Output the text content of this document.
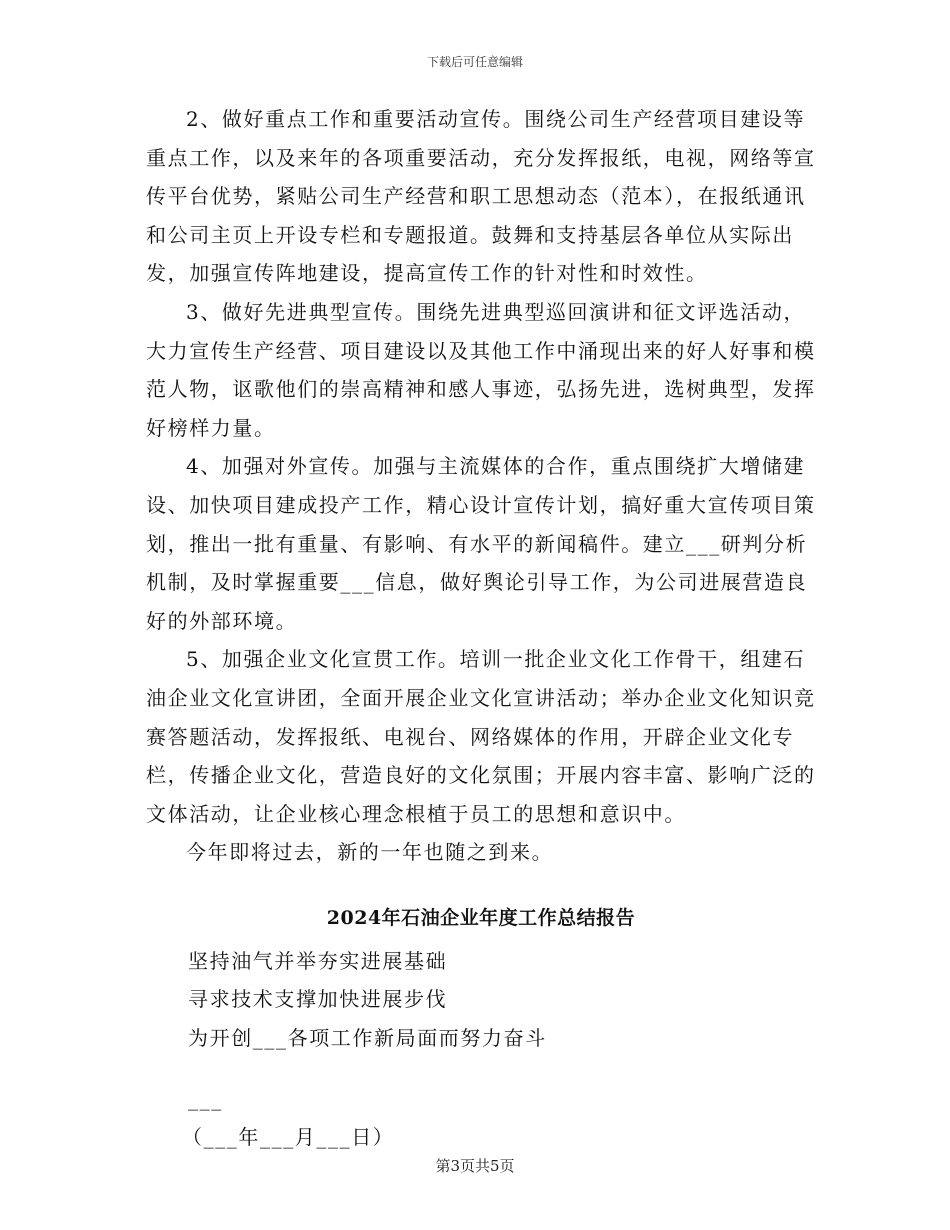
下载后可任意编辑

2、做好重点工作和重要活动宣传。围绕公司生产经营项目建设等重点工作，以及来年的各项重要活动，充分发挥报纸，电视，网络等宣传平台优势，紧贴公司生产经营和职工思想动态（范本），在报纸通讯和公司主页上开设专栏和专题报道。鼓舞和支持基层各单位从实际出发，加强宣传阵地建设，提高宣传工作的针对性和时效性。

3、做好先进典型宣传。围绕先进典型巡回演讲和征文评选活动，大力宣传生产经营、项目建设以及其他工作中涌现出来的好人好事和模范人物，讴歌他们的崇高精神和感人事迹，弘扬先进，选树典型，发挥好榜样力量。

4、加强对外宣传。加强与主流媒体的合作，重点围绕扩大增储建设、加快项目建成投产工作，精心设计宣传计划，搞好重大宣传项目策划，推出一批有重量、有影响、有水平的新闻稿件。建立___研判分析机制，及时掌握重要___信息，做好舆论引导工作，为公司进展营造良好的外部环境。

5、加强企业文化宣贯工作。培训一批企业文化工作骨干，组建石油企业文化宣讲团，全面开展企业文化宣讲活动；举办企业文化知识竞赛答题活动，发挥报纸、电视台、网络媒体的作用，开辟企业文化专栏，传播企业文化，营造良好的文化氛围；开展内容丰富、影响广泛的文体活动，让企业核心理念根植于员工的思想和意识中。

今年即将过去，新的一年也随之到来。

2024年石油企业年度工作总结报告

坚持油气并举夯实进展基础

寻求技术支撑加快进展步伐

为开创___各项工作新局面而努力奋斗

___

（___年___月___日）

第3页共5页
